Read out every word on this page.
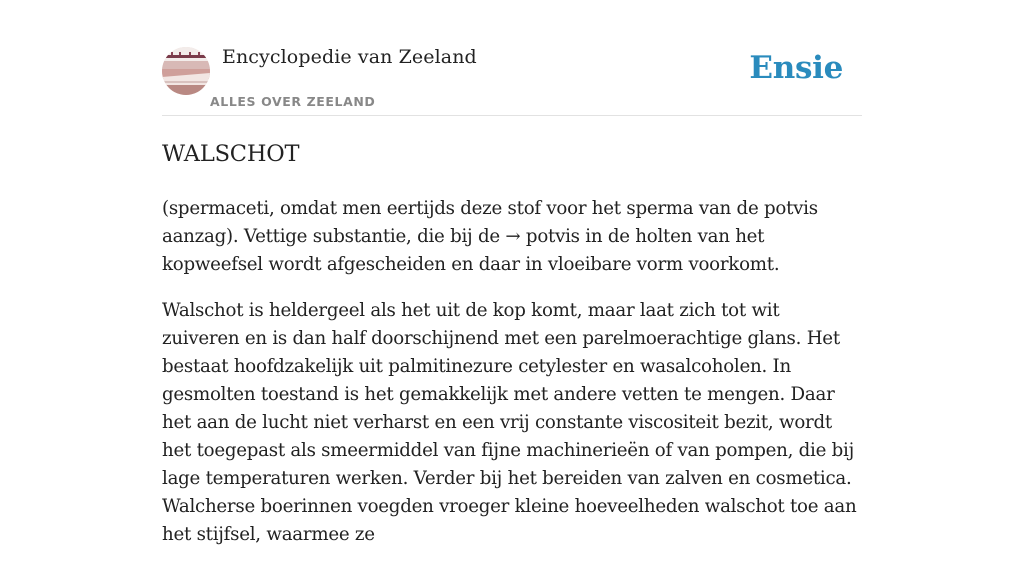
Encyclopedie van Zeeland
ALLES OVER ZEELAND
Ensie
WALSCHOT

(spermaceti, omdat men eertijds deze stof voor het sperma van de potvis aanzag). Vettige substantie, die bij de → potvis in de holten van het kopweefsel wordt afgescheiden en daar in vloeibare vorm voorkomt.

Walschot is heldergeel als het uit de kop komt, maar laat zich tot wit zuiveren en is dan half doorschijnend met een parelmoerachtige glans. Het bestaat hoofdzakelijk uit palmitinezure cetylester en wasalcoholen. In gesmolten toestand is het gemakkelijk met andere vetten te mengen. Daar het aan de lucht niet verharst en een vrij constante viscositeit bezit, wordt het toegepast als smeermiddel van fijne machinerieën of van pompen, die bij lage temperaturen werken. Verder bij het bereiden van zalven en cosmetica. Walcherse boerinnen voegden vroeger kleine hoeveelheden walschot toe aan het stijfsel, waarmee ze
